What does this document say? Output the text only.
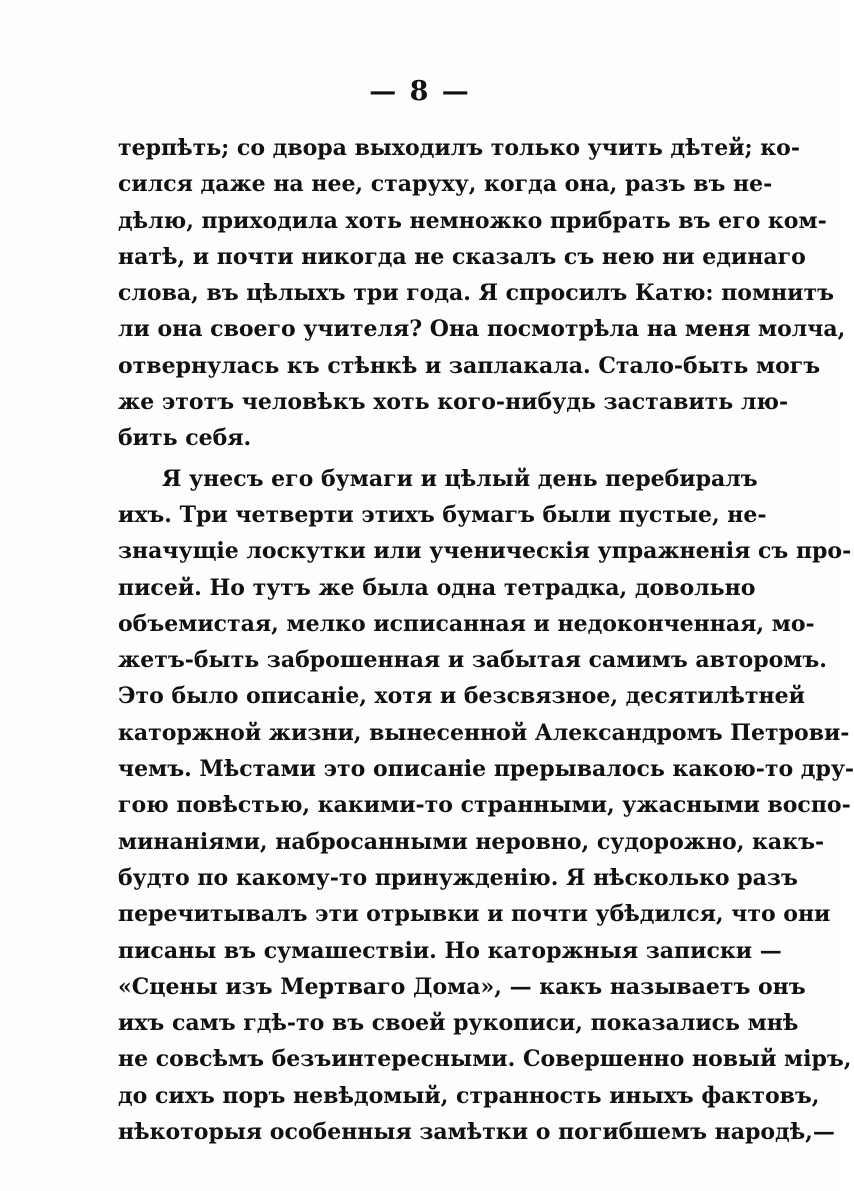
— 8 —
терпѣть; со двора выходилъ только учить дѣтей; ко-
сился даже на нее, старуху, когда она, разъ въ не-
дѣлю, приходила хоть немножко прибрать въ его ком-
натѣ, и почти никогда не сказалъ съ нею ни единаго
слова, въ цѣлыхъ три года. Я спросилъ Катю: помнитъ
ли она своего учителя? Она посмотрѣла на меня молча,
отвернулась къ стѣнкѣ и заплакала. Стало-быть могъ
же этотъ человѣкъ хоть кого-нибудь заставить лю-
бить себя.
Я унесъ его бумаги и цѣлый день перебиралъ
ихъ. Три четверти этихъ бумагъ были пустые, не-
значущіе лоскутки или ученическія упражненія съ про-
писей. Но тутъ же была одна тетрадка, довольно
объемистая, мелко исписанная и недоконченная, мо-
жетъ-быть заброшенная и забытая самимъ авторомъ.
Это было описаніе, хотя и безсвязное, десятилѣтней
каторжной жизни, вынесенной Александромъ Петрови-
чемъ. Мѣстами это описаніе прерывалось какою-то дру-
гою повѣстью, какими-то странными, ужасными воспо-
минаніями, набросанными неровно, судорожно, какъ-
будто по какому-то принужденію. Я нѣсколько разъ
перечитывалъ эти отрывки и почти убѣдился, что они
писаны въ сумашествіи. Но каторжныя записки —
«Сцены изъ Мертваго Дома», — какъ называетъ онъ
ихъ самъ гдѣ-то въ своей рукописи, показались мнѣ
не совсѣмъ безъинтересными. Совершенно новый міръ,
до сихъ поръ невѣдомый, странность иныхъ фактовъ,
нѣкоторыя особенныя замѣтки о погибшемъ народѣ,—
